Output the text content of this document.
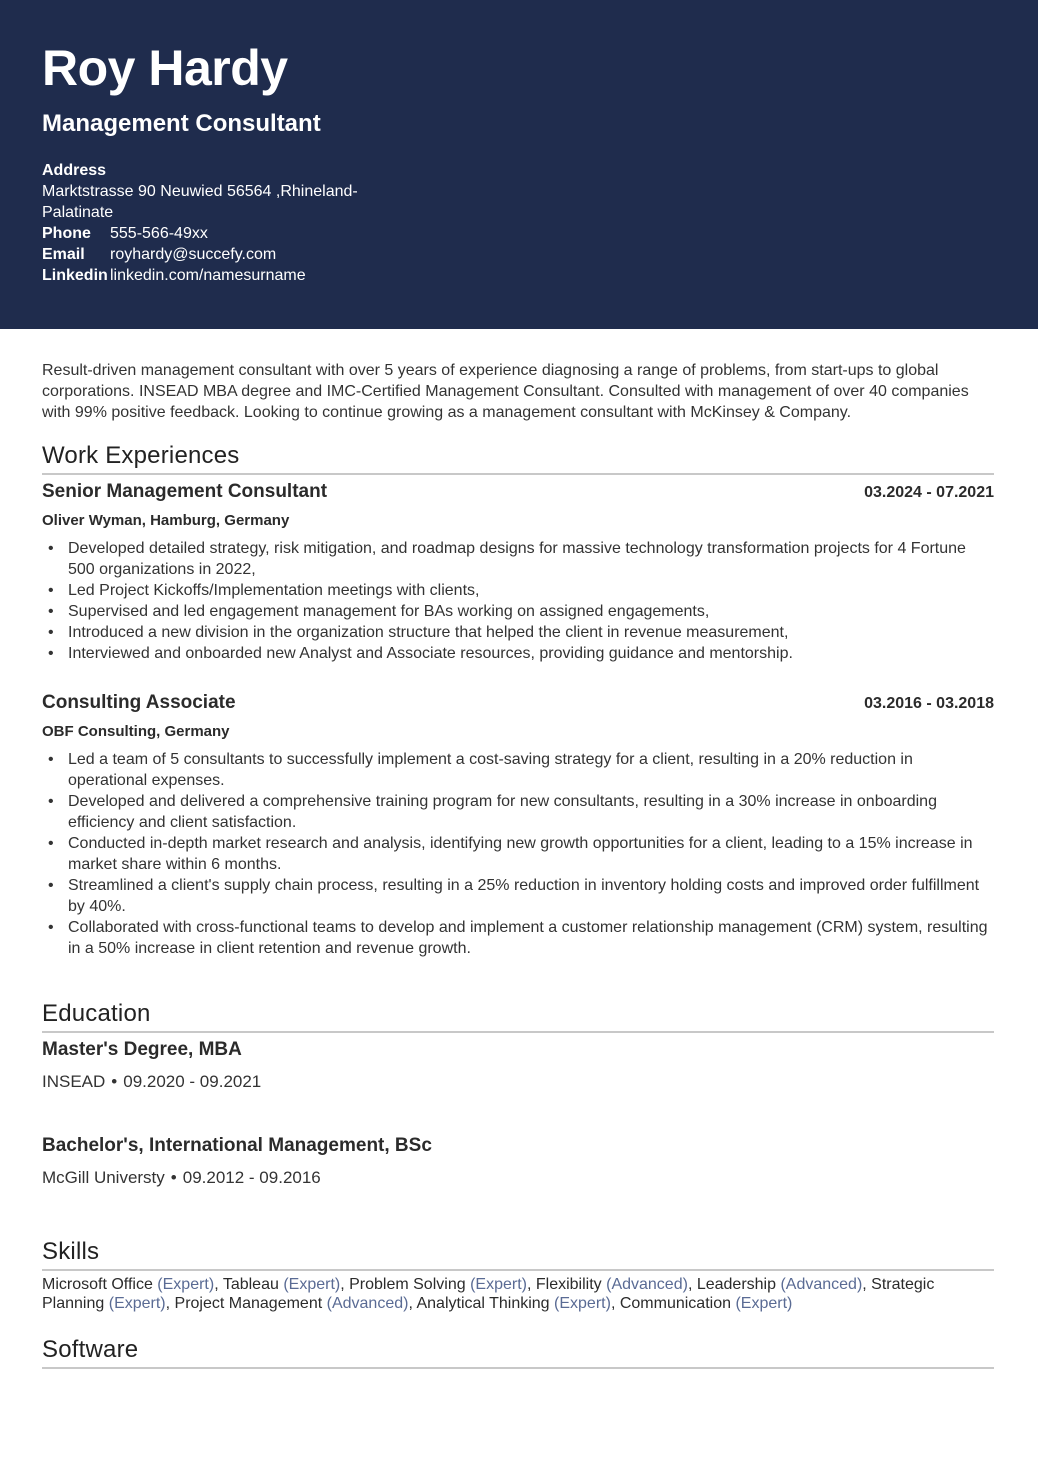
Roy Hardy
Management Consultant
Address
Marktstrasse 90 Neuwied 56564 ,Rhineland-
Palatinate
Phone	555-566-49xx
Email	royhardy@succefy.com
Linkedin linkedin.com/namesurname

Result-driven management consultant with over 5 years of experience diagnosing a range of problems, from start-ups to global corporations. INSEAD MBA degree and IMC-Certified Management Consultant. Consulted with management of over 40 companies with 99% positive feedback. Looking to continue growing as a management consultant with McKinsey & Company.

Work Experiences
Senior Management Consultant	03.2024 - 07.2021
Oliver Wyman, Hamburg, Germany
• Developed detailed strategy, risk mitigation, and roadmap designs for massive technology transformation projects for 4 Fortune 500 organizations in 2022,
• Led Project Kickoffs/Implementation meetings with clients,
• Supervised and led engagement management for BAs working on assigned engagements,
• Introduced a new division in the organization structure that helped the client in revenue measurement,
• Interviewed and onboarded new Analyst and Associate resources, providing guidance and mentorship.
Consulting Associate	03.2016 - 03.2018
OBF Consulting, Germany
• Led a team of 5 consultants to successfully implement a cost-saving strategy for a client, resulting in a 20% reduction in operational expenses.
• Developed and delivered a comprehensive training program for new consultants, resulting in a 30% increase in onboarding efficiency and client satisfaction.
• Conducted in-depth market research and analysis, identifying new growth opportunities for a client, leading to a 15% increase in market share within 6 months.
• Streamlined a client's supply chain process, resulting in a 25% reduction in inventory holding costs and improved order fulfillment by 40%.
• Collaborated with cross-functional teams to develop and implement a customer relationship management (CRM) system, resulting in a 50% increase in client retention and revenue growth.
Education
Master's Degree, MBA
INSEAD • 09.2020 - 09.2021
Bachelor's, International Management, BSc
McGill Universty • 09.2012 - 09.2016
Skills
Microsoft Office (Expert), Tableau (Expert), Problem Solving (Expert), Flexibility (Advanced), Leadership (Advanced), Strategic Planning (Expert), Project Management (Advanced), Analytical Thinking (Expert), Communication (Expert)
Software
